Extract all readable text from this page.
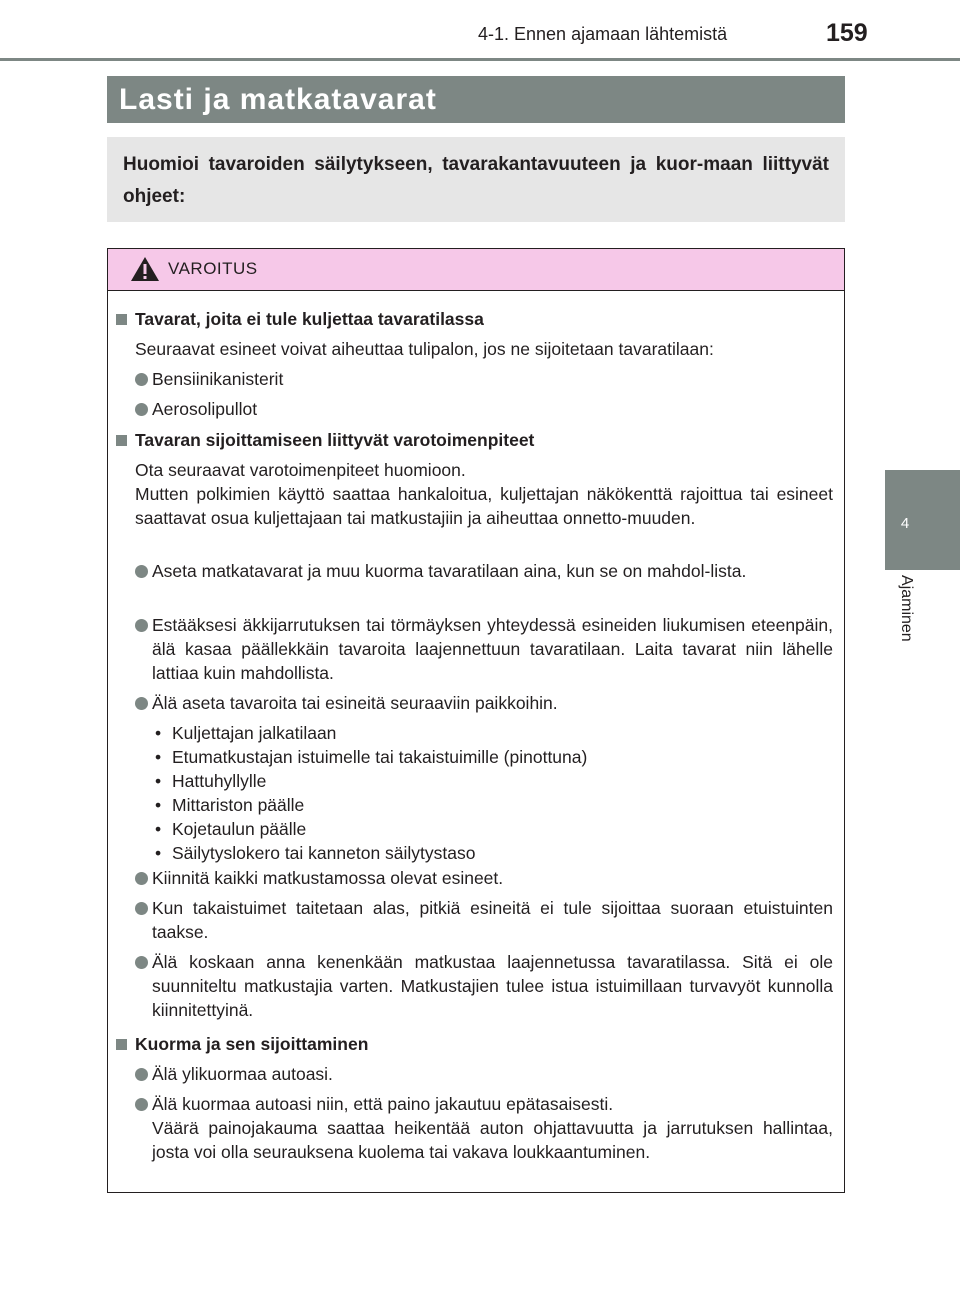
4-1. Ennen ajamaan lähtemistä	159
4
Ajaminen
Lasti ja matkatavarat
Huomioi tavaroiden säilytykseen, tavarakantavuuteen ja kuor-maan liittyvät ohjeet:
VAROITUS
Tavarat, joita ei tule kuljettaa tavaratilassa
Seuraavat esineet voivat aiheuttaa tulipalon, jos ne sijoitetaan tavaratilaan:
Bensiinikanisterit
Aerosolipullot
Tavaran sijoittamiseen liittyvät varotoimenpiteet
Ota seuraavat varotoimenpiteet huomioon.
Mutten polkimien käyttö saattaa hankaloitua, kuljettajan näkökenttä rajoittua tai esineet saattavat osua kuljettajaan tai matkustajiin ja aiheuttaa onnetto-muuden.
Aseta matkatavarat ja muu kuorma tavaratilaan aina, kun se on mahdol-lista.
Estääksesi äkkijarrutuksen tai törmäyksen yhteydessä esineiden liukumisen eteenpäin, älä kasaa päällekkäin tavaroita laajennettuun tavaratilaan. Laita tavarat niin lähelle lattiaa kuin mahdollista.
Älä aseta tavaroita tai esineitä seuraaviin paikkoihin.
• Kuljettajan jalkatilaan
• Etumatkustajan istuimelle tai takaistuimille (pinottuna)
• Hattuhyllylle
• Mittariston päälle
• Kojetaulun päälle
• Säilytyslokero tai kanneton säilytystaso
Kiinnitä kaikki matkustamossa olevat esineet.
Kun takaistuimet taitetaan alas, pitkiä esineitä ei tule sijoittaa suoraan etuistuinten taakse.
Älä koskaan anna kenenkään matkustaa laajennetussa tavaratilassa. Sitä ei ole suunniteltu matkustajia varten. Matkustajien tulee istua istuimillaan turvavyöt kunnolla kiinnitettyinä.
Kuorma ja sen sijoittaminen
Älä ylikuormaa autoasi.
Älä kuormaa autoasi niin, että paino jakautuu epätasaisesti.
Väärä painojakauma saattaa heikentää auton ohjattavuutta ja jarrutuksen hallintaa, josta voi olla seurauksena kuolema tai vakava loukkaantuminen.
